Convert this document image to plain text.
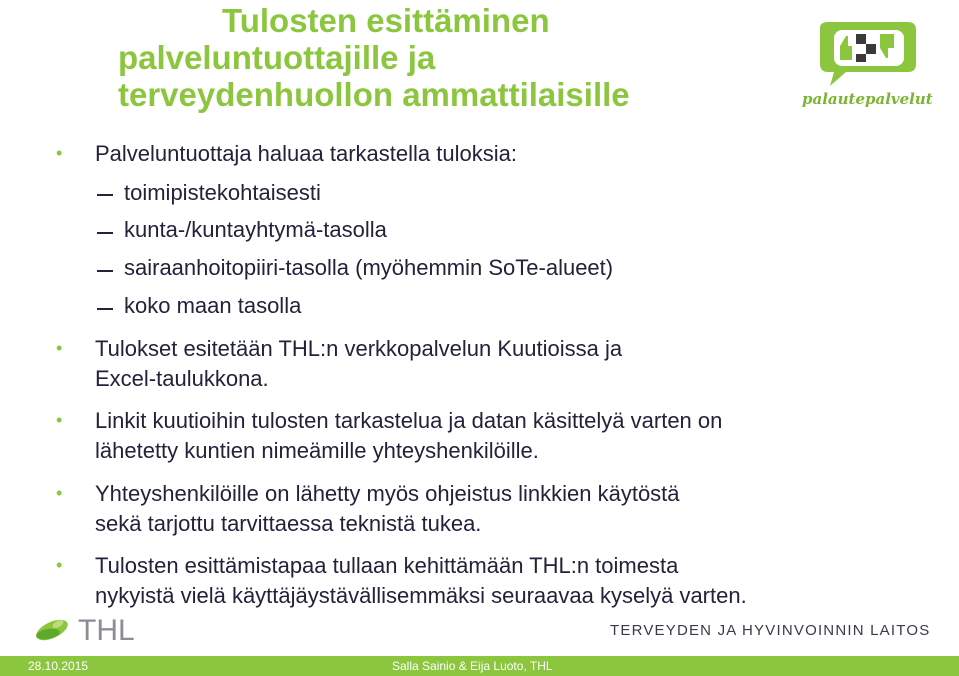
Tulosten esittäminen
palveluntuottajille ja
terveydenhuollon ammattilaisille	palautepalvelut
• Palveluntuottaja haluaa tarkastella tuloksia:
toimipistekohtaisesti
kunta-/kuntayhtymä-tasolla
sairaanhoitopiiri-tasolla (myöhemmin SoTe-alueet)
koko maan tasolla
• Tulokset esitetään THL:n verkkopalvelun Kuutioissa ja
Excel-taulukkona.
• Linkit kuutioihin tulosten tarkastelua ja datan käsittelyä varten on
lähetetty kuntien nimeämille yhteyshenkilöille.
• Yhteyshenkilöille on lähetty myös ohjeistus linkkien käytöstä
sekä tarjottu tarvittaessa teknistä tukea.
• Tulosten esittämistapaa tullaan kehittämään THL:n toimesta
nykyistä vielä käyttäjäystävällisemmäksi seuraavaa kyselyä varten.
THL	TERVEYDEN JA HYVINVOINNIN LAITOS
28.10.2015	Salla Sainio & Eija Luoto, THL
